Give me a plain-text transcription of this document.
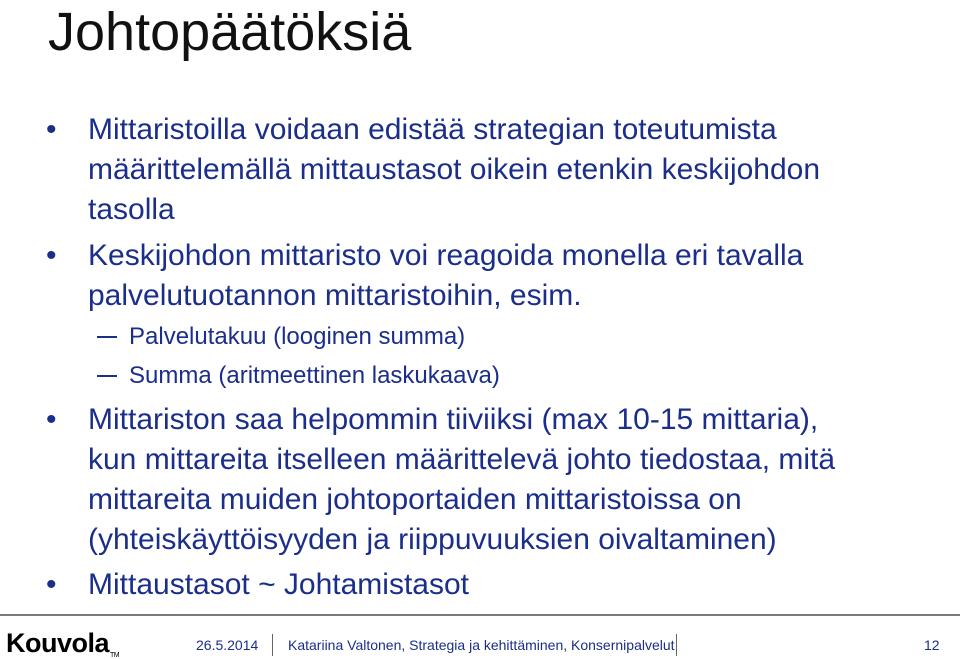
Johtopäätöksiä
• Mittaristoilla voidaan edistää strategian toteutumista
määrittelemällä mittaustasot oikein etenkin keskijohdon
tasolla
• Keskijohdon mittaristo voi reagoida monella eri tavalla
palvelutuotannon mittaristoihin, esim.
Palvelutakuu (looginen summa)
Summa (aritmeettinen laskukaava)
• Mittariston saa helpommin tiiviiksi (max 10-15 mittaria),
kun mittareita itselleen määrittelevä johto tiedostaa, mitä
mittareita muiden johtoportaiden mittaristoissa on
(yhteiskäyttöisyyden ja riippuvuuksien oivaltaminen)
• Mittaustasot ~ Johtamistasot
KouvolaTM
26.5.2014 Katariina Valtonen, Strategia ja kehittäminen, Konsernipalvelut	12
